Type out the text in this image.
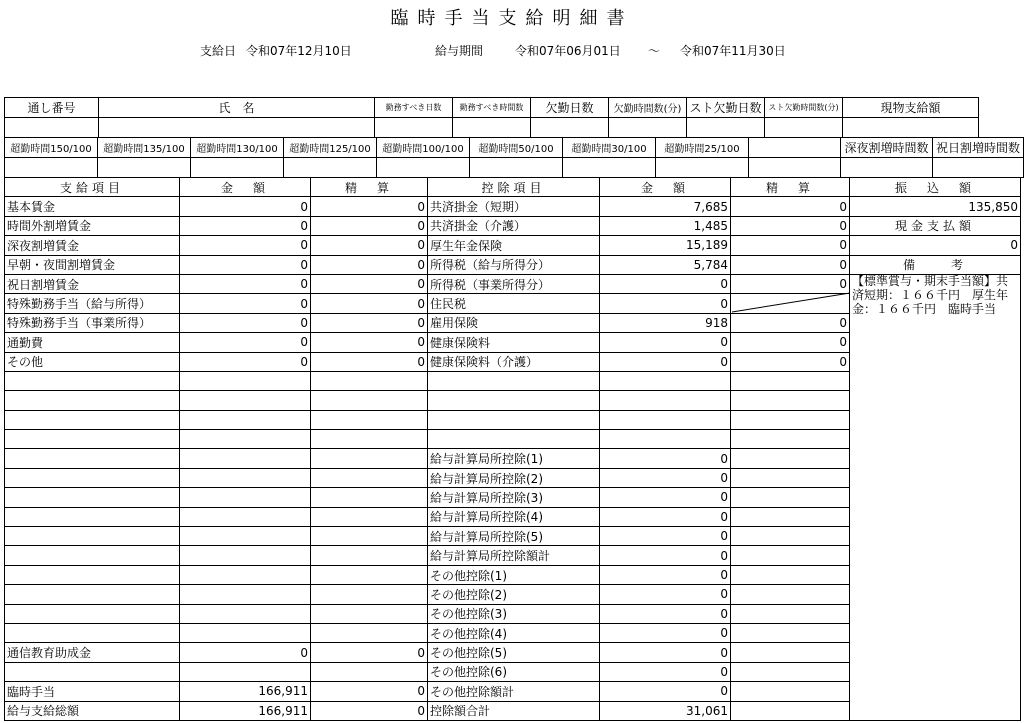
臨時手当支給明細書
支給日 令和07年12月10日	給与期間	令和07年06月01日 〜 令和07年11月30日
通し番号	氏　名	勤務すべき日数	勤務すべき時間数	欠勤日数	欠勤時間数(分)	スト欠勤日数	スト欠勤時間数(分)	現物支給額

超勤時間150/100	超勤時間135/100	超勤時間130/100	超勤時間125/100	超勤時間100/100	超勤時間50/100	超勤時間30/100	超勤時間25/100		深夜割増時間数	祝日割増時間数

支給項目	金　額	精　算	控除項目	金　額	精　算	振　込　額
基本賃金	0	0	共済掛金（短期）	7,685	0	135,850
時間外割増賃金	0	0	共済掛金（介護）	1,485	0	現金支払額
深夜割増賃金	0	0	厚生年金保険	15,189	0	0
早朝・夜間割増賃金	0	0	所得税（給与所得分）	5,784	0	備　　考
祝日割増賃金	0	0	所得税（事業所得分）	0	0	
特殊勤務手当（給与所得）	0	0	住民税	0		
特殊勤務手当（事業所得）	0	0	雇用保険	918	0	
通勤費	0	0	健康保険料	0	0	
その他	0	0	健康保険料（介護）	0	0	

			給与計算局所控除(1)	0		
			給与計算局所控除(2)	0		
			給与計算局所控除(3)	0		
			給与計算局所控除(4)	0		
			給与計算局所控除(5)	0		
			給与計算局所控除額計	0		
			その他控除(1)	0		
			その他控除(2)	0		
			その他控除(3)	0		
			その他控除(4)	0		
通信教育助成金	0	0	その他控除(5)	0		
			その他控除(6)	0		
臨時手当	166,911	0	その他控除額計	0		
給与支給総額	166,911	0	控除額合計	31,061		
【標準賞与・期末手当額】共済短期：１６６千円　厚生年金：１６６千円　臨時手当
